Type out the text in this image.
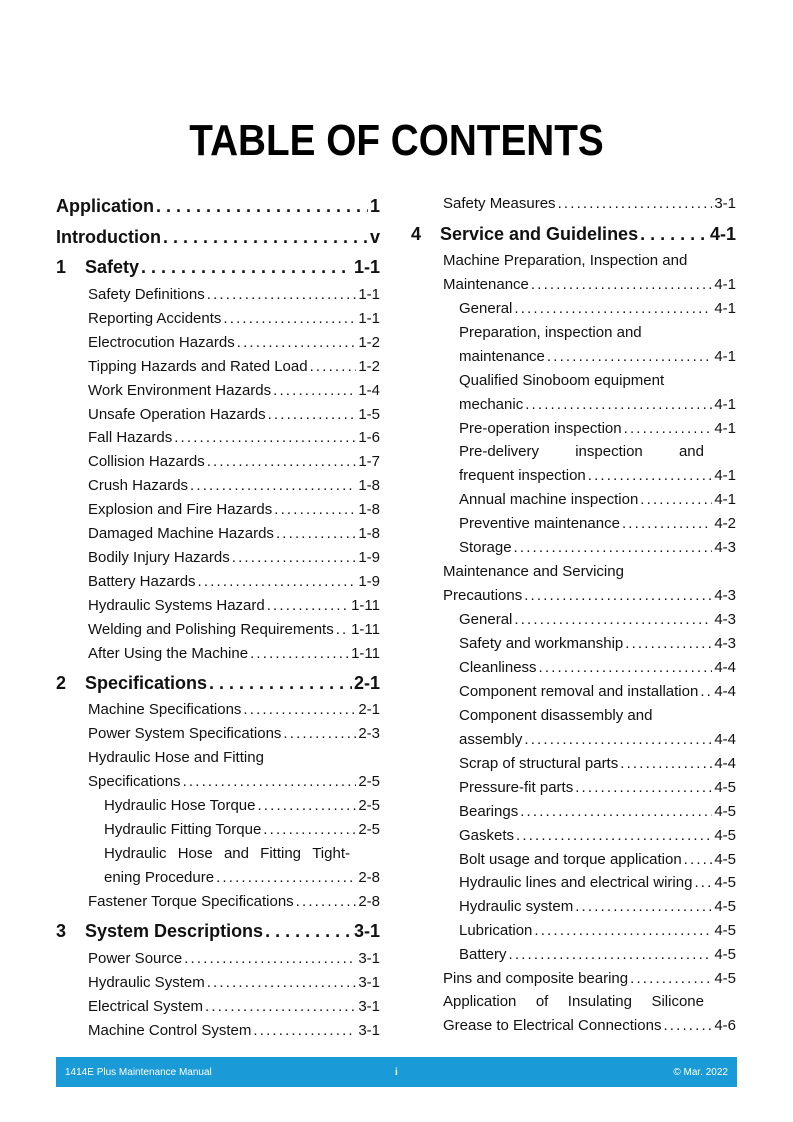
TABLE OF CONTENTS
Application . . .	1
Introduction . . .	v
1 Safety . . .	1-1
Safety Definitions . . .	1-1
Reporting Accidents . . .	1-1
Electrocution Hazards . . .	1-2
Tipping Hazards and Rated Load . . .	1-2
Work Environment Hazards . . .	1-4
Unsafe Operation Hazards . . .	1-5
Fall Hazards . . .	1-6
Collision Hazards . . .	1-7
Crush Hazards . . .	1-8
Explosion and Fire Hazards . . .	1-8
Damaged Machine Hazards . . .	1-8
Bodily Injury Hazards . . .	1-9
Battery Hazards . . .	1-9
Hydraulic Systems Hazard . . .	1-11
Welding and Polishing Requirements . . . 1-11
After Using the Machine . . .	1-11
2 Specifications . . .	2-1
Machine Specifications . . .	2-1
Power System Specifications . . .	2-3
Hydraulic Hose and Fitting
Specifications . . .	2-5
Hydraulic Hose Torque . . .	2-5
Hydraulic Fitting Torque . . .	2-5
Hydraulic Hose and Fitting Tight-
ening Procedure . . .	2-8
Fastener Torque Specifications . . .	2-8
3 System Descriptions . . .	3-1
Power Source . . .	3-1
Hydraulic System . . .	3-1
Electrical System . . .	3-1
Machine Control System . . .	3-1
Safety Measures . . .	3-1
4 Service and Guidelines . . .	4-1
Machine Preparation, Inspection and
Maintenance . . .	4-1
General . . .	4-1
Preparation, inspection and
maintenance . . .	4-1
Qualified Sinoboom equipment
mechanic . . .	4-1
Pre-operation inspection . . .	4-1
Pre-delivery inspection and
frequent inspection . . .	4-1
Annual machine inspection . . .	4-1
Preventive maintenance . . .	4-2
Storage . . .	4-3
Maintenance and Servicing
Precautions . . .	4-3
General . . .	4-3
Safety and workmanship . . .	4-3
Cleanliness . . .	4-4
Component removal and installation . . . 4-4
Component disassembly and
assembly . . .	4-4
Scrap of structural parts . . .	4-4
Pressure-fit parts . . .	4-5
Bearings . . .	4-5
Gaskets . . .	4-5
Bolt usage and torque application . . . 4-5
Hydraulic lines and electrical wiring . . . 4-5
Hydraulic system . . .	4-5
Lubrication . . .	4-5
Battery . . .	4-5
Pins and composite bearing . . .	4-5
Application of Insulating Silicone
Grease to Electrical Connections . . .	4-6
1414E Plus Maintenance Manual	i	© Mar. 2022
